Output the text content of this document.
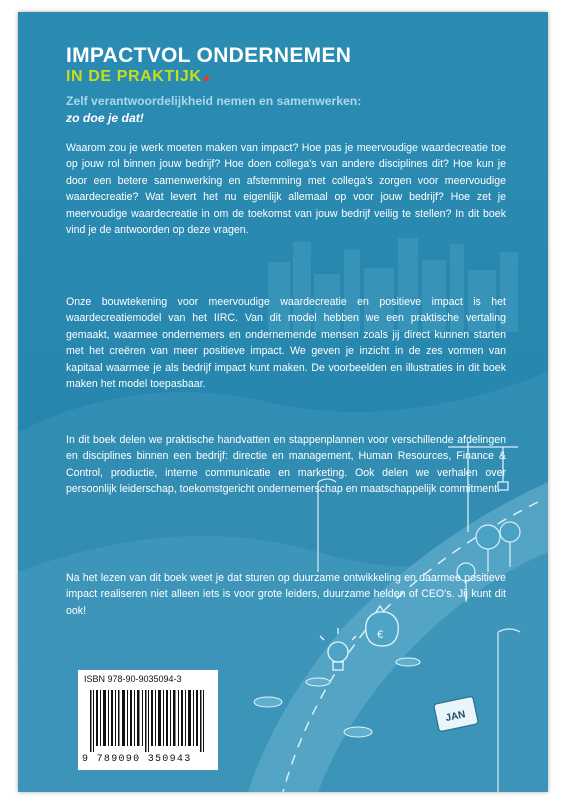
€
JAN
IMPACTVOL ONDERNEMEN
IN DE PRAKTIJK
Zelf verantwoordelijkheid nemen en samenwerken:
zo doe je dat!

Waarom zou je werk moeten maken van impact? Hoe pas je meervoudige waardecreatie toe op jouw rol binnen jouw bedrijf? Hoe doen collega's van andere disciplines dit? Hoe kun je door een betere samenwerking en afstemming met collega's zorgen voor meervoudige waardecreatie? Wat levert het nu eigenlijk allemaal op voor jouw bedrijf? Hoe zet je meervoudige waardecreatie in om de toekomst van jouw bedrijf veilig te stellen? In dit boek vind je de antwoorden op deze vragen.

Onze bouwtekening voor meervoudige waardecreatie en positieve impact is het waardecreatiemodel van het IIRC. Van dit model hebben we een praktische vertaling gemaakt, waarmee ondernemers en ondernemende mensen zoals jij direct kunnen starten met het creëren van meer positieve impact. We geven je inzicht in de zes vormen van kapitaal waarmee je als bedrijf impact kunt maken. De voorbeelden en illustraties in dit boek maken het model toepasbaar.

In dit boek delen we praktische handvatten en stappenplannen voor verschillende afdelingen en disciplines binnen een bedrijf: directie en management, Human Resources, Finance & Control, productie, interne communicatie en marketing. Ook delen we verhalen over persoonlijk leiderschap, toekomstgericht ondernemerschap en maatschappelijk commitment.

Na het lezen van dit boek weet je dat sturen op duurzame ontwikkeling en daarmee positieve impact realiseren niet alleen iets is voor grote leiders, duurzame helden of CEO's. Jij kunt dit ook!

ISBN 978-90-9035094-3
9 789090 350943
